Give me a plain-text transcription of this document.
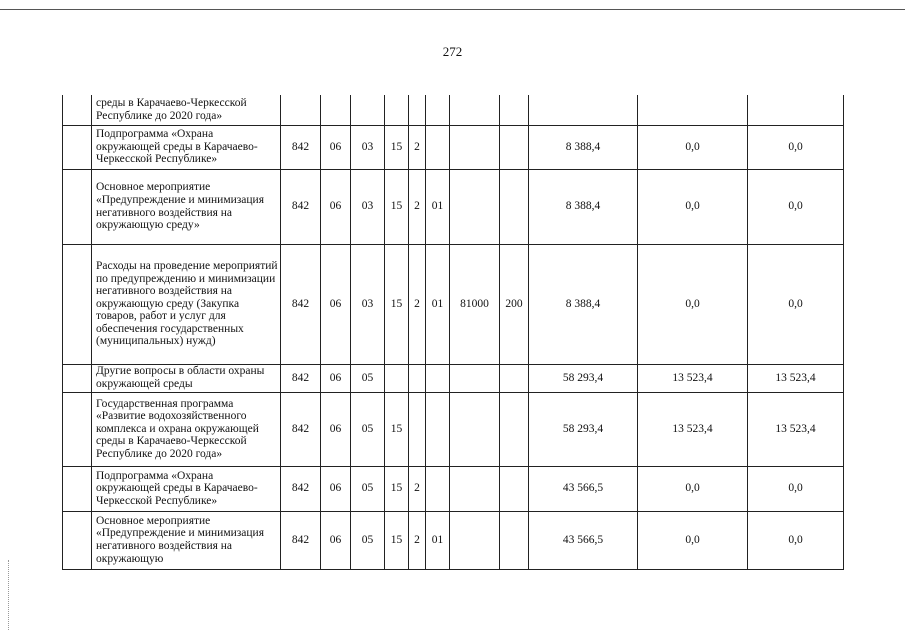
272

	среды в Карачаево-Черкесской Республике до 2020 года»											

	Подпрограмма «Охрана окружающей среды в Карачаево-Черкесской Республике»	842	06	03	15	2				8 388,4	0,0	0,0

	Основное мероприятие «Предупреждение и минимизация негативного воздействия на окружающую среду»	842	06	03	15	2	01			8 388,4	0,0	0,0

	Расходы на проведение мероприятий по предупреждению и минимизации негативного воздействия на окружающую среду (Закупка товаров, работ и услуг для обеспечения государственных (муниципальных) нужд)	842	06	03	15	2	01	81000	200	8 388,4	0,0	0,0

	Другие вопросы в области охраны окружающей среды	842	06	05						58 293,4	13 523,4	13 523,4

	Государственная программа «Развитие водохозяйственного комплекса и охрана окружающей среды в Карачаево-Черкесской Республике до 2020 года»	842	06	05	15					58 293,4	13 523,4	13 523,4

	Подпрограмма «Охрана окружающей среды в Карачаево-Черкесской Республике»	842	06	05	15	2				43 566,5	0,0	0,0

	Основное мероприятие «Предупреждение и минимизация негативного воздействия на окружающую	842	06	05	15	2	01			43 566,5	0,0	0,0
